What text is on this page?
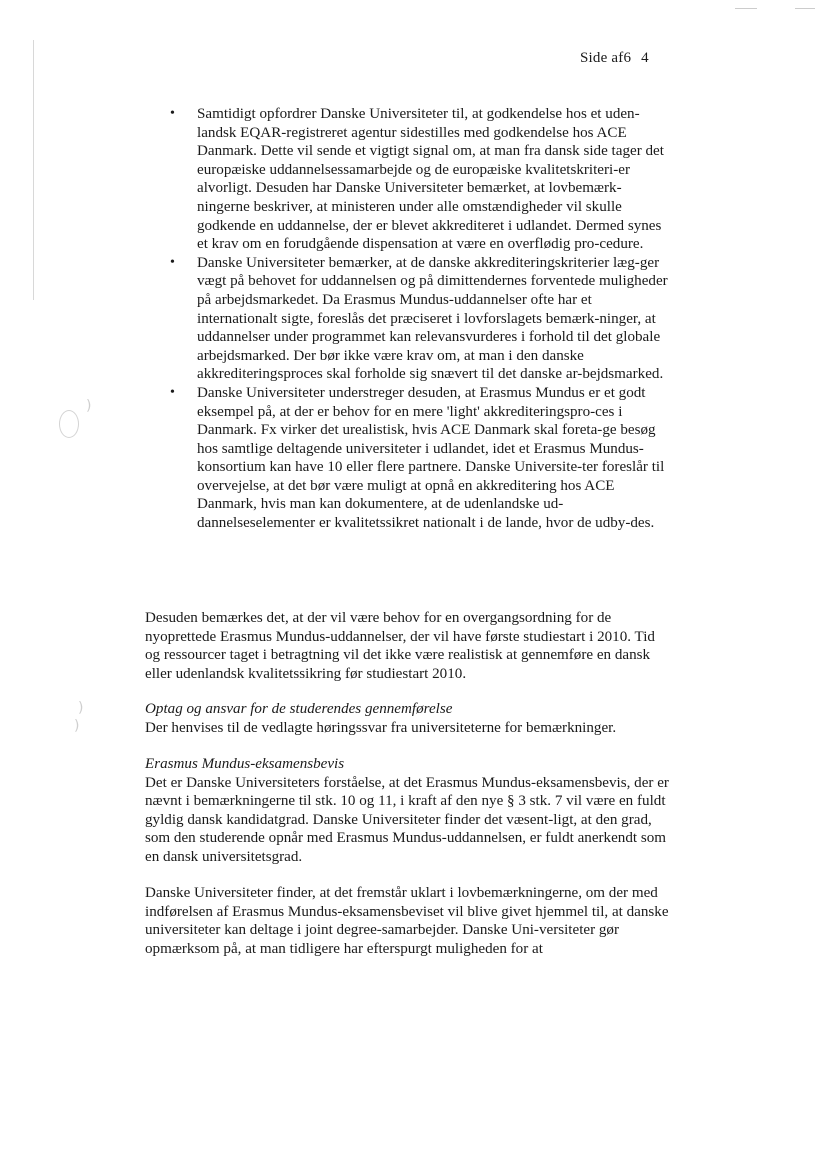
)
)
)
Side af6 4
• Samtidigt opfordrer Danske Universiteter til, at godkendelse hos et uden-landsk EQAR-registreret agentur sidestilles med godkendelse hos ACE Danmark. Dette vil sende et vigtigt signal om, at man fra dansk side tager det europæiske uddannelsessamarbejde og de europæiske kvalitetskriteri-er alvorligt. Desuden har Danske Universiteter bemærket, at lovbemærk-ningerne beskriver, at ministeren under alle omstændigheder vil skulle godkende en uddannelse, der er blevet akkrediteret i udlandet. Dermed synes et krav om en forudgående dispensation at være en overflødig pro-cedure.

• Danske Universiteter bemærker, at de danske akkrediteringskriterier læg-ger vægt på behovet for uddannelsen og på dimittendernes forventede muligheder på arbejdsmarkedet. Da Erasmus Mundus-uddannelser ofte har et internationalt sigte, foreslås det præciseret i lovforslagets bemærk-ninger, at uddannelser under programmet kan relevansvurderes i forhold til det globale arbejdsmarked. Der bør ikke være krav om, at man i den danske akkrediteringsproces skal forholde sig snævert til det danske ar-bejdsmarked.

• Danske Universiteter understreger desuden, at Erasmus Mundus er et godt eksempel på, at der er behov for en mere 'light' akkrediteringspro-ces i Danmark. Fx virker det urealistisk, hvis ACE Danmark skal foreta-ge besøg hos samtlige deltagende universiteter i udlandet, idet et Erasmus Mundus-konsortium kan have 10 eller flere partnere. Danske Universite-ter foreslår til overvejelse, at det bør være muligt at opnå en akkreditering hos ACE Danmark, hvis man kan dokumentere, at de udenlandske ud-dannelseselementer er kvalitetssikret nationalt i de lande, hvor de udby-des.

Desuden bemærkes det, at der vil være behov for en overgangsordning for de nyoprettede Erasmus Mundus-uddannelser, der vil have første studiestart i 2010. Tid og ressourcer taget i betragtning vil det ikke være realistisk at gennemføre en dansk eller udenlandsk kvalitetssikring før studiestart 2010.

Optag og ansvar for de studerendes gennemførelse

Der henvises til de vedlagte høringssvar fra universiteterne for bemærkninger.

Erasmus Mundus-eksamensbevis

Det er Danske Universiteters forståelse, at det Erasmus Mundus-eksamensbevis, der er nævnt i bemærkningerne til stk. 10 og 11, i kraft af den nye § 3 stk. 7 vil være en fuldt gyldig dansk kandidatgrad. Danske Universiteter finder det væsent-ligt, at den grad, som den studerende opnår med Erasmus Mundus-uddannelsen, er fuldt anerkendt som en dansk universitetsgrad.

Danske Universiteter finder, at det fremstår uklart i lovbemærkningerne, om der med indførelsen af Erasmus Mundus-eksamensbeviset vil blive givet hjemmel til, at danske universiteter kan deltage i joint degree-samarbejder. Danske Uni-versiteter gør opmærksom på, at man tidligere har efterspurgt muligheden for at
